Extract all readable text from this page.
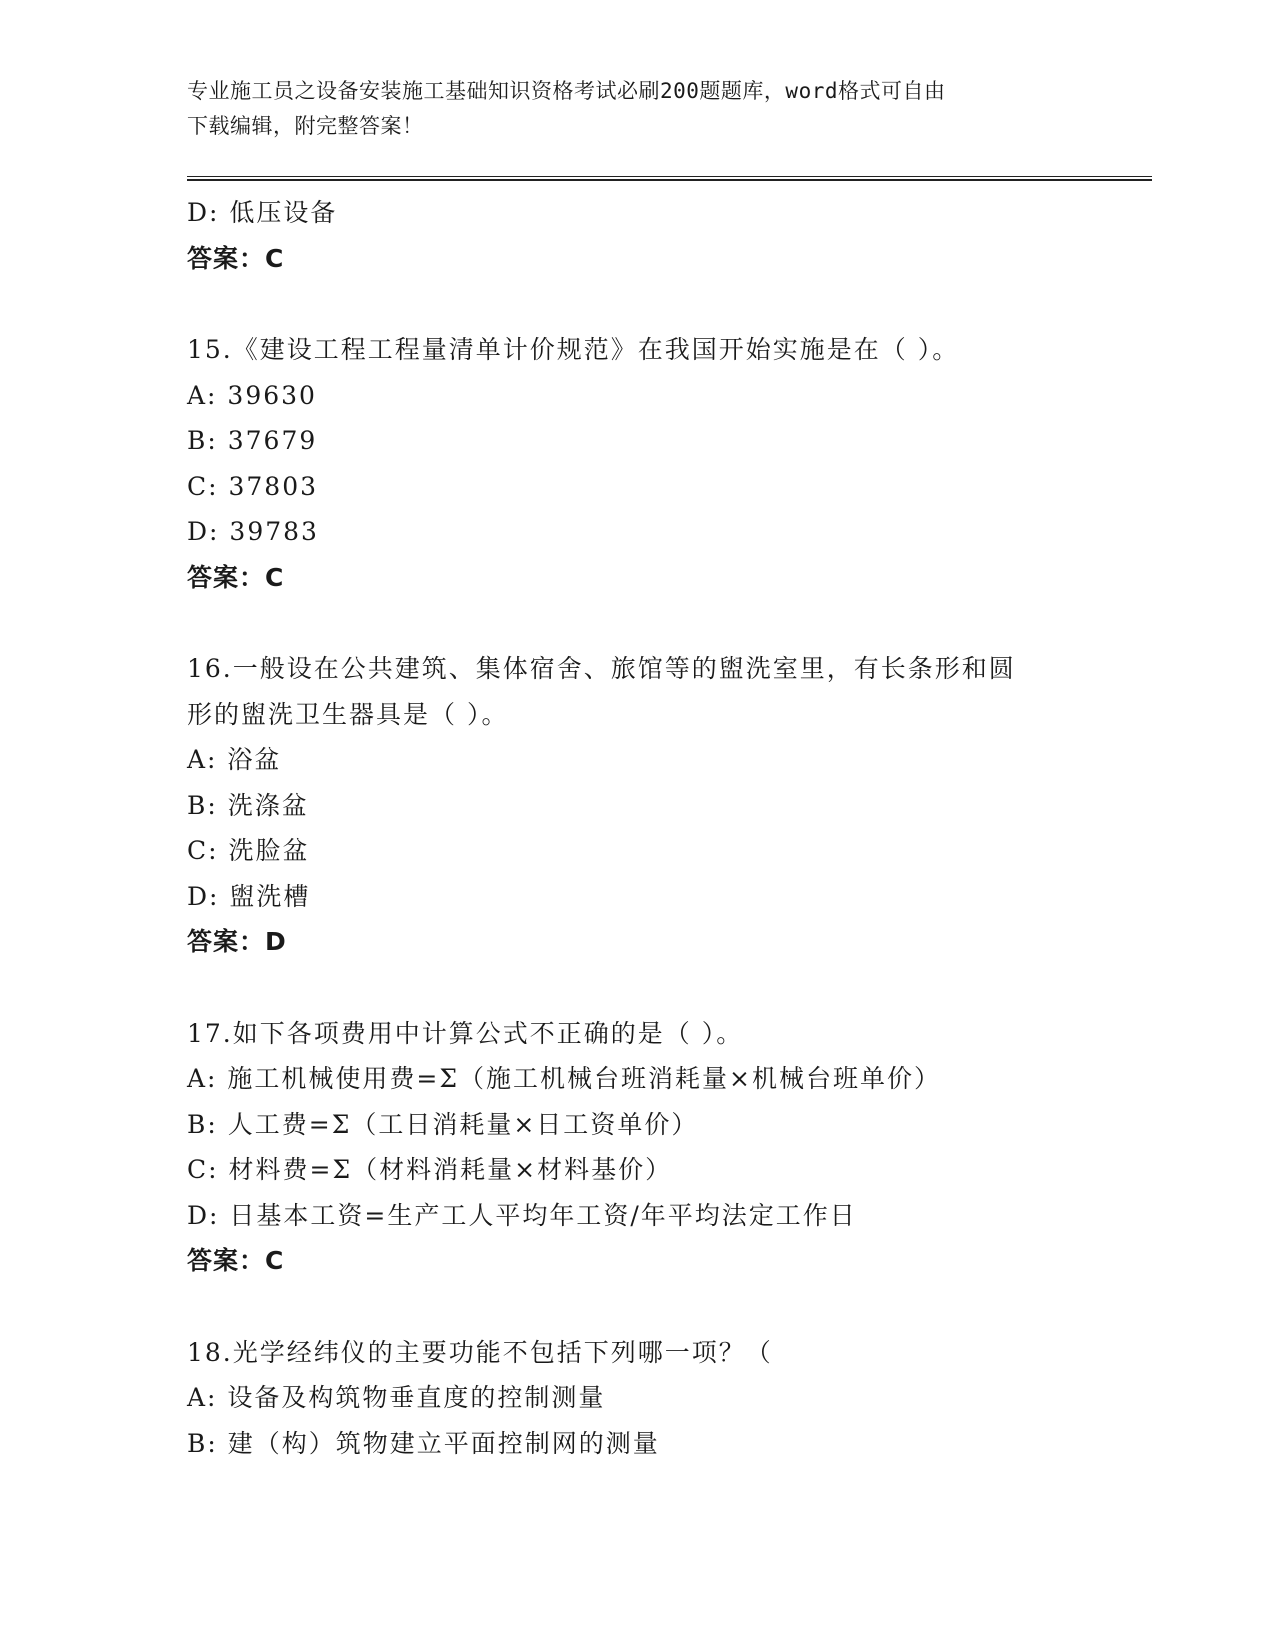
专业施工员之设备安装施工基础知识资格考试必刷200题题库，word格式可自由
下载编辑，附完整答案！
D: 低压设备
答案：C
15.《建设工程工程量清单计价规范》在我国开始实施是在（ ）。
A: 39630
B: 37679
C: 37803
D: 39783
答案：C
16.一般设在公共建筑、集体宿舍、旅馆等的盥洗室里，有长条形和圆
形的盥洗卫生器具是（ ）。
A: 浴盆
B: 洗涤盆
C: 洗脸盆
D: 盥洗槽
答案：D
17.如下各项费用中计算公式不正确的是（ ）。
A: 施工机械使用费=Σ（施工机械台班消耗量×机械台班单价）
B: 人工费=Σ（工日消耗量×日工资单价）
C: 材料费=Σ（材料消耗量×材料基价）
D: 日基本工资=生产工人平均年工资/年平均法定工作日
答案：C
18.光学经纬仪的主要功能不包括下列哪一项？（
A: 设备及构筑物垂直度的控制测量
B: 建（构）筑物建立平面控制网的测量
